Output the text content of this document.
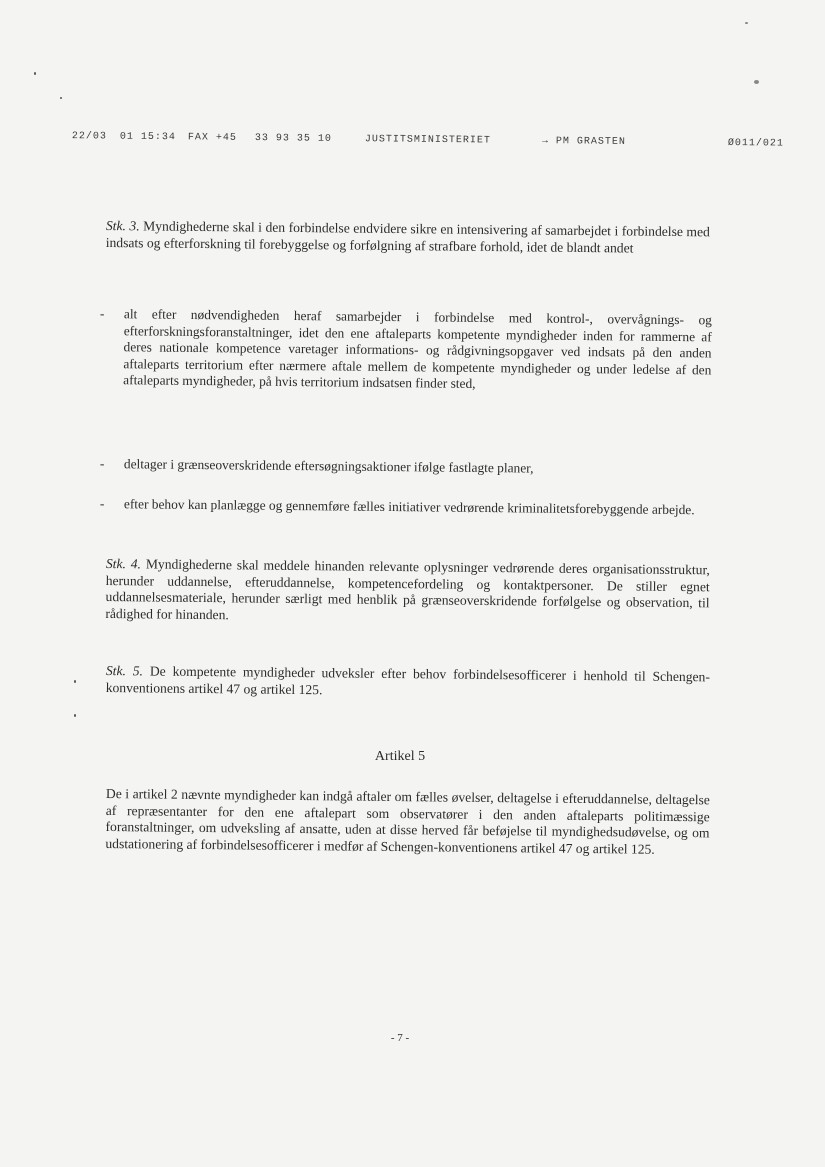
22/03 01 15:34 FAX +45 33 93 35 10	JUSTITSMINISTERIET	→ PM GRASTEN	Ø011/021
Stk. 3. Myndighederne skal i den forbindelse endvidere sikre en intensivering af samarbejdet i forbindelse med indsats og efterforskning til forebyggelse og forfølgning af strafbare forhold, idet de blandt andet
- alt efter nødvendigheden heraf samarbejder i forbindelse med kontrol-, overvågnings- og efterforskningsforanstaltninger, idet den ene aftaleparts kompetente myndigheder inden for rammerne af deres nationale kompetence varetager informations- og rådgivningsopgaver ved indsats på den anden aftaleparts territorium efter nærmere aftale mellem de kompetente myndigheder og under ledelse af den aftaleparts myndigheder, på hvis territorium indsatsen finder sted,
- deltager i grænseoverskridende eftersøgningsaktioner ifølge fastlagte planer,
- efter behov kan planlægge og gennemføre fælles initiativer vedrørende kriminalitetsforebyggende arbejde.
Stk. 4. Myndighederne skal meddele hinanden relevante oplysninger vedrørende deres organisationsstruktur, herunder uddannelse, efteruddannelse, kompetencefordeling og kontaktpersoner. De stiller egnet uddannelsesmateriale, herunder særligt med henblik på grænseoverskridende forfølgelse og observation, til rådighed for hinanden.
Stk. 5. De kompetente myndigheder udveksler efter behov forbindelsesofficerer i henhold til Schengen-konventionens artikel 47 og artikel 125.
Artikel 5
De i artikel 2 nævnte myndigheder kan indgå aftaler om fælles øvelser, deltagelse i efteruddannelse, deltagelse af repræsentanter for den ene aftalepart som observatører i den anden aftaleparts politimæssige foranstaltninger, om udveksling af ansatte, uden at disse herved får beføjelse til myndighedsudøvelse, og om udstationering af forbindelsesofficerer i medfør af Schengen-konventionens artikel 47 og artikel 125.
- 7 -
